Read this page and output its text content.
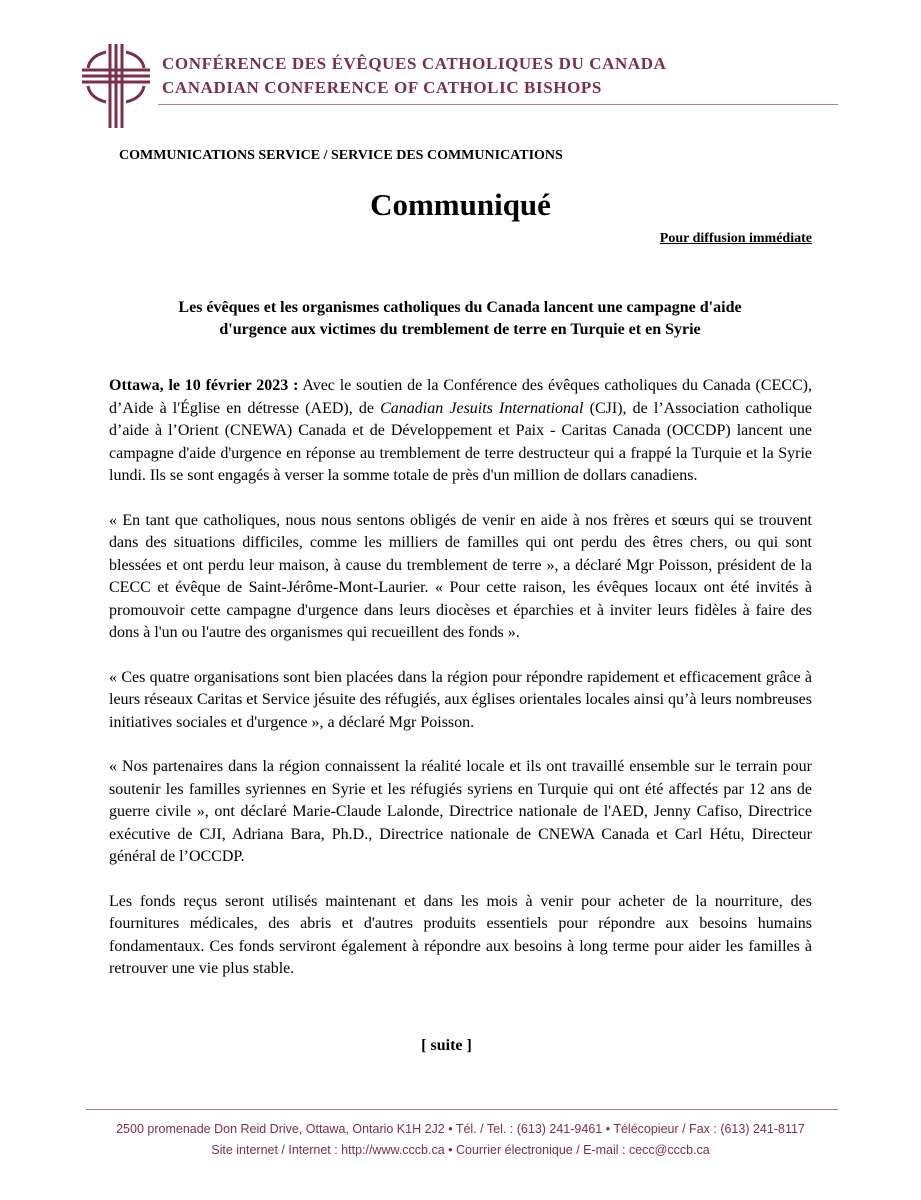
CONFÉRENCE DES ÉVÊQUES CATHOLIQUES DU CANADA
CANADIAN CONFERENCE OF CATHOLIC BISHOPS
COMMUNICATIONS SERVICE / SERVICE DES COMMUNICATIONS
Communiqué
Pour diffusion immédiate
Les évêques et les organismes catholiques du Canada lancent une campagne d'aide
d'urgence aux victimes du tremblement de terre en Turquie et en Syrie

Ottawa, le 10 février 2023 : Avec le soutien de la Conférence des évêques catholiques du Canada (CECC), d’Aide à l'Église en détresse (AED), de Canadian Jesuits International (CJI), de l’Association catholique d’aide à l’Orient (CNEWA) Canada et de Développement et Paix - Caritas Canada (OCCDP) lancent une campagne d'aide d'urgence en réponse au tremblement de terre destructeur qui a frappé la Turquie et la Syrie lundi. Ils se sont engagés à verser la somme totale de près d'un million de dollars canadiens.

« En tant que catholiques, nous nous sentons obligés de venir en aide à nos frères et sœurs qui se trouvent dans des situations difficiles, comme les milliers de familles qui ont perdu des êtres chers, ou qui sont blessées et ont perdu leur maison, à cause du tremblement de terre », a déclaré Mgr Poisson, président de la CECC et évêque de Saint-Jérôme-Mont-Laurier. « Pour cette raison, les évêques locaux ont été invités à promouvoir cette campagne d'urgence dans leurs diocèses et éparchies et à inviter leurs fidèles à faire des dons à l'un ou l'autre des organismes qui recueillent des fonds ».

« Ces quatre organisations sont bien placées dans la région pour répondre rapidement et efficacement grâce à leurs réseaux Caritas et Service jésuite des réfugiés, aux églises orientales locales ainsi qu’à leurs nombreuses initiatives sociales et d'urgence », a déclaré Mgr Poisson.

« Nos partenaires dans la région connaissent la réalité locale et ils ont travaillé ensemble sur le terrain pour soutenir les familles syriennes en Syrie et les réfugiés syriens en Turquie qui ont été affectés par 12 ans de guerre civile », ont déclaré Marie-Claude Lalonde, Directrice nationale de l'AED, Jenny Cafiso, Directrice exécutive de CJI, Adriana Bara, Ph.D., Directrice nationale de CNEWA Canada et Carl Hétu, Directeur général de l’OCCDP.

Les fonds reçus seront utilisés maintenant et dans les mois à venir pour acheter de la nourriture, des fournitures médicales, des abris et d'autres produits essentiels pour répondre aux besoins humains fondamentaux. Ces fonds serviront également à répondre aux besoins à long terme pour aider les familles à retrouver une vie plus stable.

[ suite ]
2500 promenade Don Reid Drive, Ottawa, Ontario K1H 2J2 • Tél. / Tel. : (613) 241-9461 • Télécopieur / Fax : (613) 241-8117
Site internet / Internet : http://www.cccb.ca • Courrier électronique / E-mail : cecc@cccb.ca
